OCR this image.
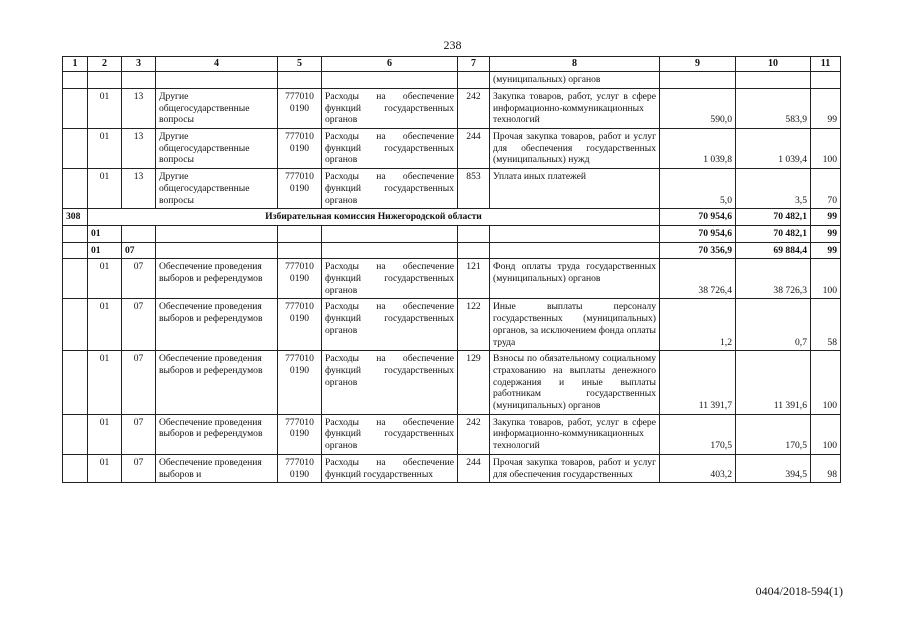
238
1	2	3	4	5	6	7	8	9	10	11
							(муниципальных) органов			
	01	13	Другие общегосударственные вопросы	777010 0190	Расходы на обеспечение функций государственных органов	242	Закупка товаров, работ, услуг в сфере информационно-коммуникационных технологий	590,0	583,9	99
	01	13	Другие общегосударственные вопросы	777010 0190	Расходы на обеспечение функций государственных органов	244	Прочая закупка товаров, работ и услуг для обеспечения государственных (муниципальных) нужд	1 039,8	1 039,4	100
	01	13	Другие общегосударственные вопросы	777010 0190	Расходы на обеспечение функций государственных органов	853	Уплата иных платежей	5,0	3,5	70
308	Избирательная комиссия Нижегородской области							70 954,6	70 482,1	99
	01							70 954,6	70 482,1	99
	01	07						70 356,9	69 884,4	99
	01	07	Обеспечение проведения выборов и референдумов	777010 0190	Расходы на обеспечение функций государственных органов	121	Фонд оплаты труда государственных (муниципальных) органов	38 726,4	38 726,3	100
	01	07	Обеспечение проведения выборов и референдумов	777010 0190	Расходы на обеспечение функций государственных органов	122	Иные выплаты персоналу государственных (муниципальных) органов, за исключением фонда оплаты труда	1,2	0,7	58
	01	07	Обеспечение проведения выборов и референдумов	777010 0190	Расходы на обеспечение функций государственных органов	129	Взносы по обязательному социальному страхованию на выплаты денежного содержания и иные выплаты работникам государственных (муниципальных) органов	11 391,7	11 391,6	100
	01	07	Обеспечение проведения выборов и референдумов	777010 0190	Расходы на обеспечение функций государственных органов	242	Закупка товаров, работ, услуг в сфере информационно-коммуникационных технологий	170,5	170,5	100
	01	07	Обеспечение проведения выборов и	777010 0190	Расходы на обеспечение функций государственных	244	Прочая закупка товаров, работ и услуг для обеспечения государственных	403,2	394,5	98
0404/2018-594(1)
